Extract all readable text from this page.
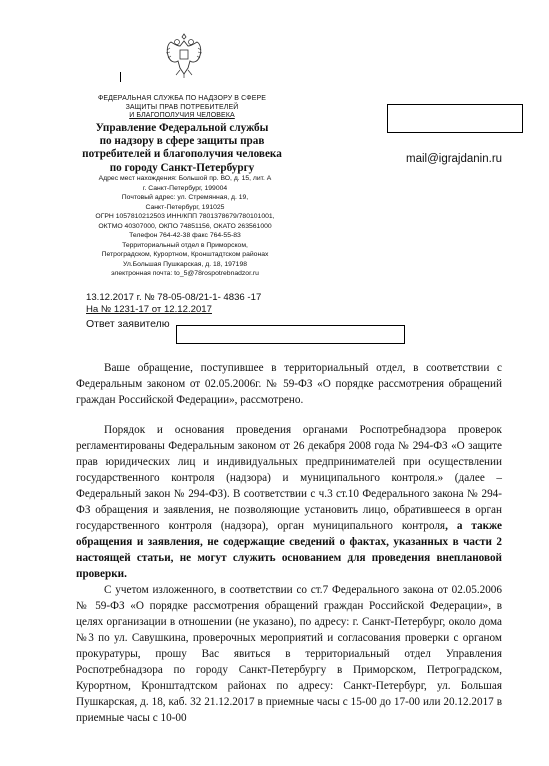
ФЕДЕРАЛЬНАЯ СЛУЖБА ПО НАДЗОРУ В СФЕРЕ
ЗАЩИТЫ ПРАВ ПОТРЕБИТЕЛЕЙ
И БЛАГОПОЛУЧИЯ ЧЕЛОВЕКА
Управление Федеральной службы
по надзору в сфере защиты прав
потребителей и благополучия человека
по городу Санкт-Петербургу
Адрес мест нахождения: Большой пр. ВО, д. 15, лит. А
г. Санкт-Петербург, 199004
Почтовый адрес: ул. Стремянная, д. 19,
Санкт-Петербург, 191025
ОГРН 1057810212503 ИНН/КПП 7801378679/780101001,
ОКТМО 40307000, ОКПО 74851156, ОКАТО 263561000
Телефон 764-42-38 факс 764-55-83
Территориальный отдел в Приморском,
Петроградском, Курортном, Кронштадтском районах
Ул.Большая Пушкарская, д. 18, 197198
электронная почта: to_5@78rospotrebnadzor.ru
mail@igrajdanin.ru
13.12.2017 г. № 78-05-08/21-1- 4836 -17
На № 1231-17 от 12.12.2017
Ответ заявителю
Ваше обращение, поступившее в территориальный отдел, в соответствии с Федеральным законом от 02.05.2006г. № 59-ФЗ «О порядке рассмотрения обращений граждан Российской Федерации», рассмотрено.
Порядок и основания проведения органами Роспотребнадзора проверок регламентированы Федеральным законом от 26 декабря 2008 года № 294-ФЗ «О защите прав юридических лиц и индивидуальных предпринимателей при осуществлении государственного контроля (надзора) и муниципального контроля.» (далее – Федеральный закон № 294-ФЗ). В соответствии с ч.3 ст.10 Федерального закона № 294-ФЗ обращения и заявления, не позволяющие установить лицо, обратившееся в орган государственного контроля (надзора), орган муниципального контроля, а также обращения и заявления, не содержащие сведений о фактах, указанных в части 2 настоящей статьи, не могут служить основанием для проведения внеплановой проверки.
С учетом изложенного, в соответствии со ст.7 Федерального закона от 02.05.2006 № 59-ФЗ «О порядке рассмотрения обращений граждан Российской Федерации», в целях организации в отношении (не указано), по адресу: г. Санкт-Петербург, около дома №3 по ул. Савушкина, проверочных мероприятий и согласования проверки с органом прокуратуры, прошу Вас явиться в территориальный отдел Управления Роспотребнадзора по городу Санкт-Петербургу в Приморском, Петроградском, Курортном, Кронштадтском районах по адресу: Санкт-Петербург, ул. Большая Пушкарская, д. 18, каб. 32 21.12.2017 в приемные часы с 15-00 до 17-00 или 20.12.2017 в приемные часы с 10-00
